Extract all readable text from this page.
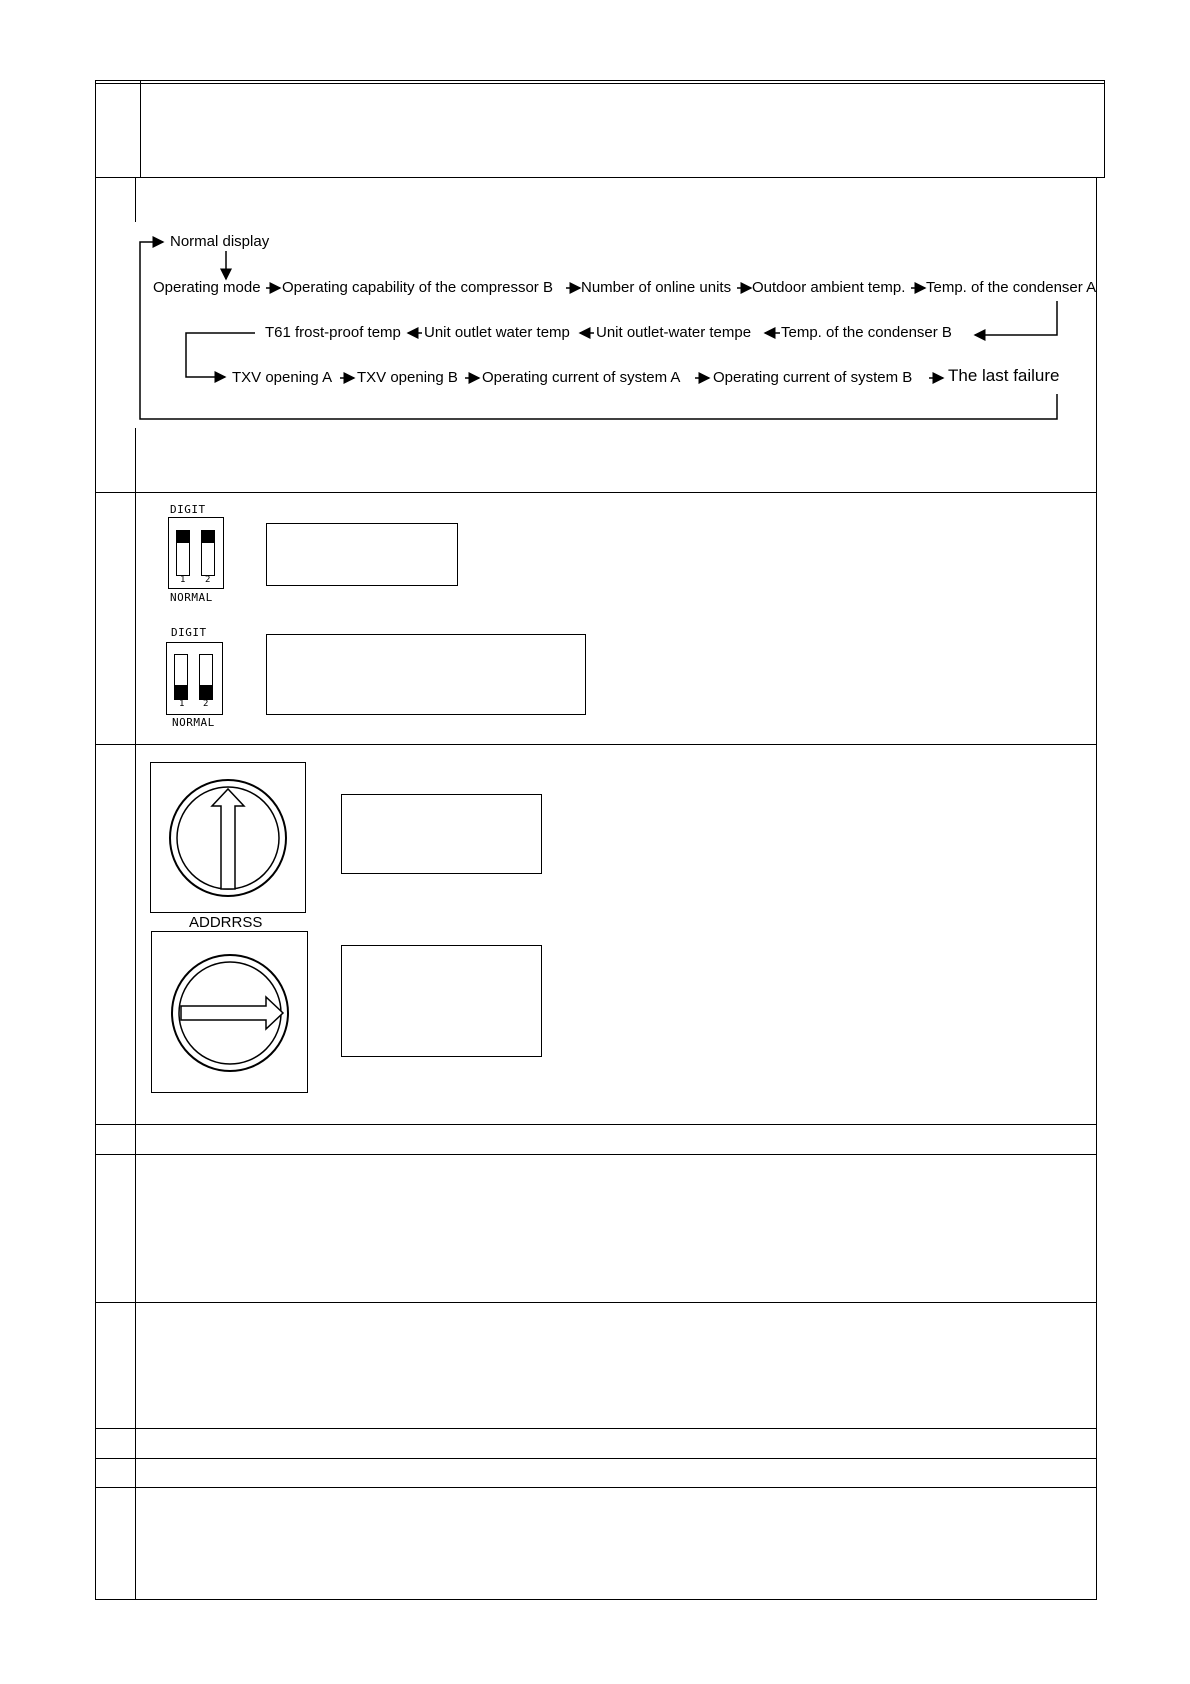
Normal display
Operating mode Operating capability of the compressor B Number of online units Outdoor ambient temp. Temp. of the condenser A
T61 frost-proof temp Unit outlet water temp Unit outlet-water tempe Temp. of the condenser B
TXV opening A TXV opening B Operating current of system A Operating current of system B The last failure
DIGIT
1 2
NORMAL
DIGIT
1 2
NORMAL
ADDRRSS
